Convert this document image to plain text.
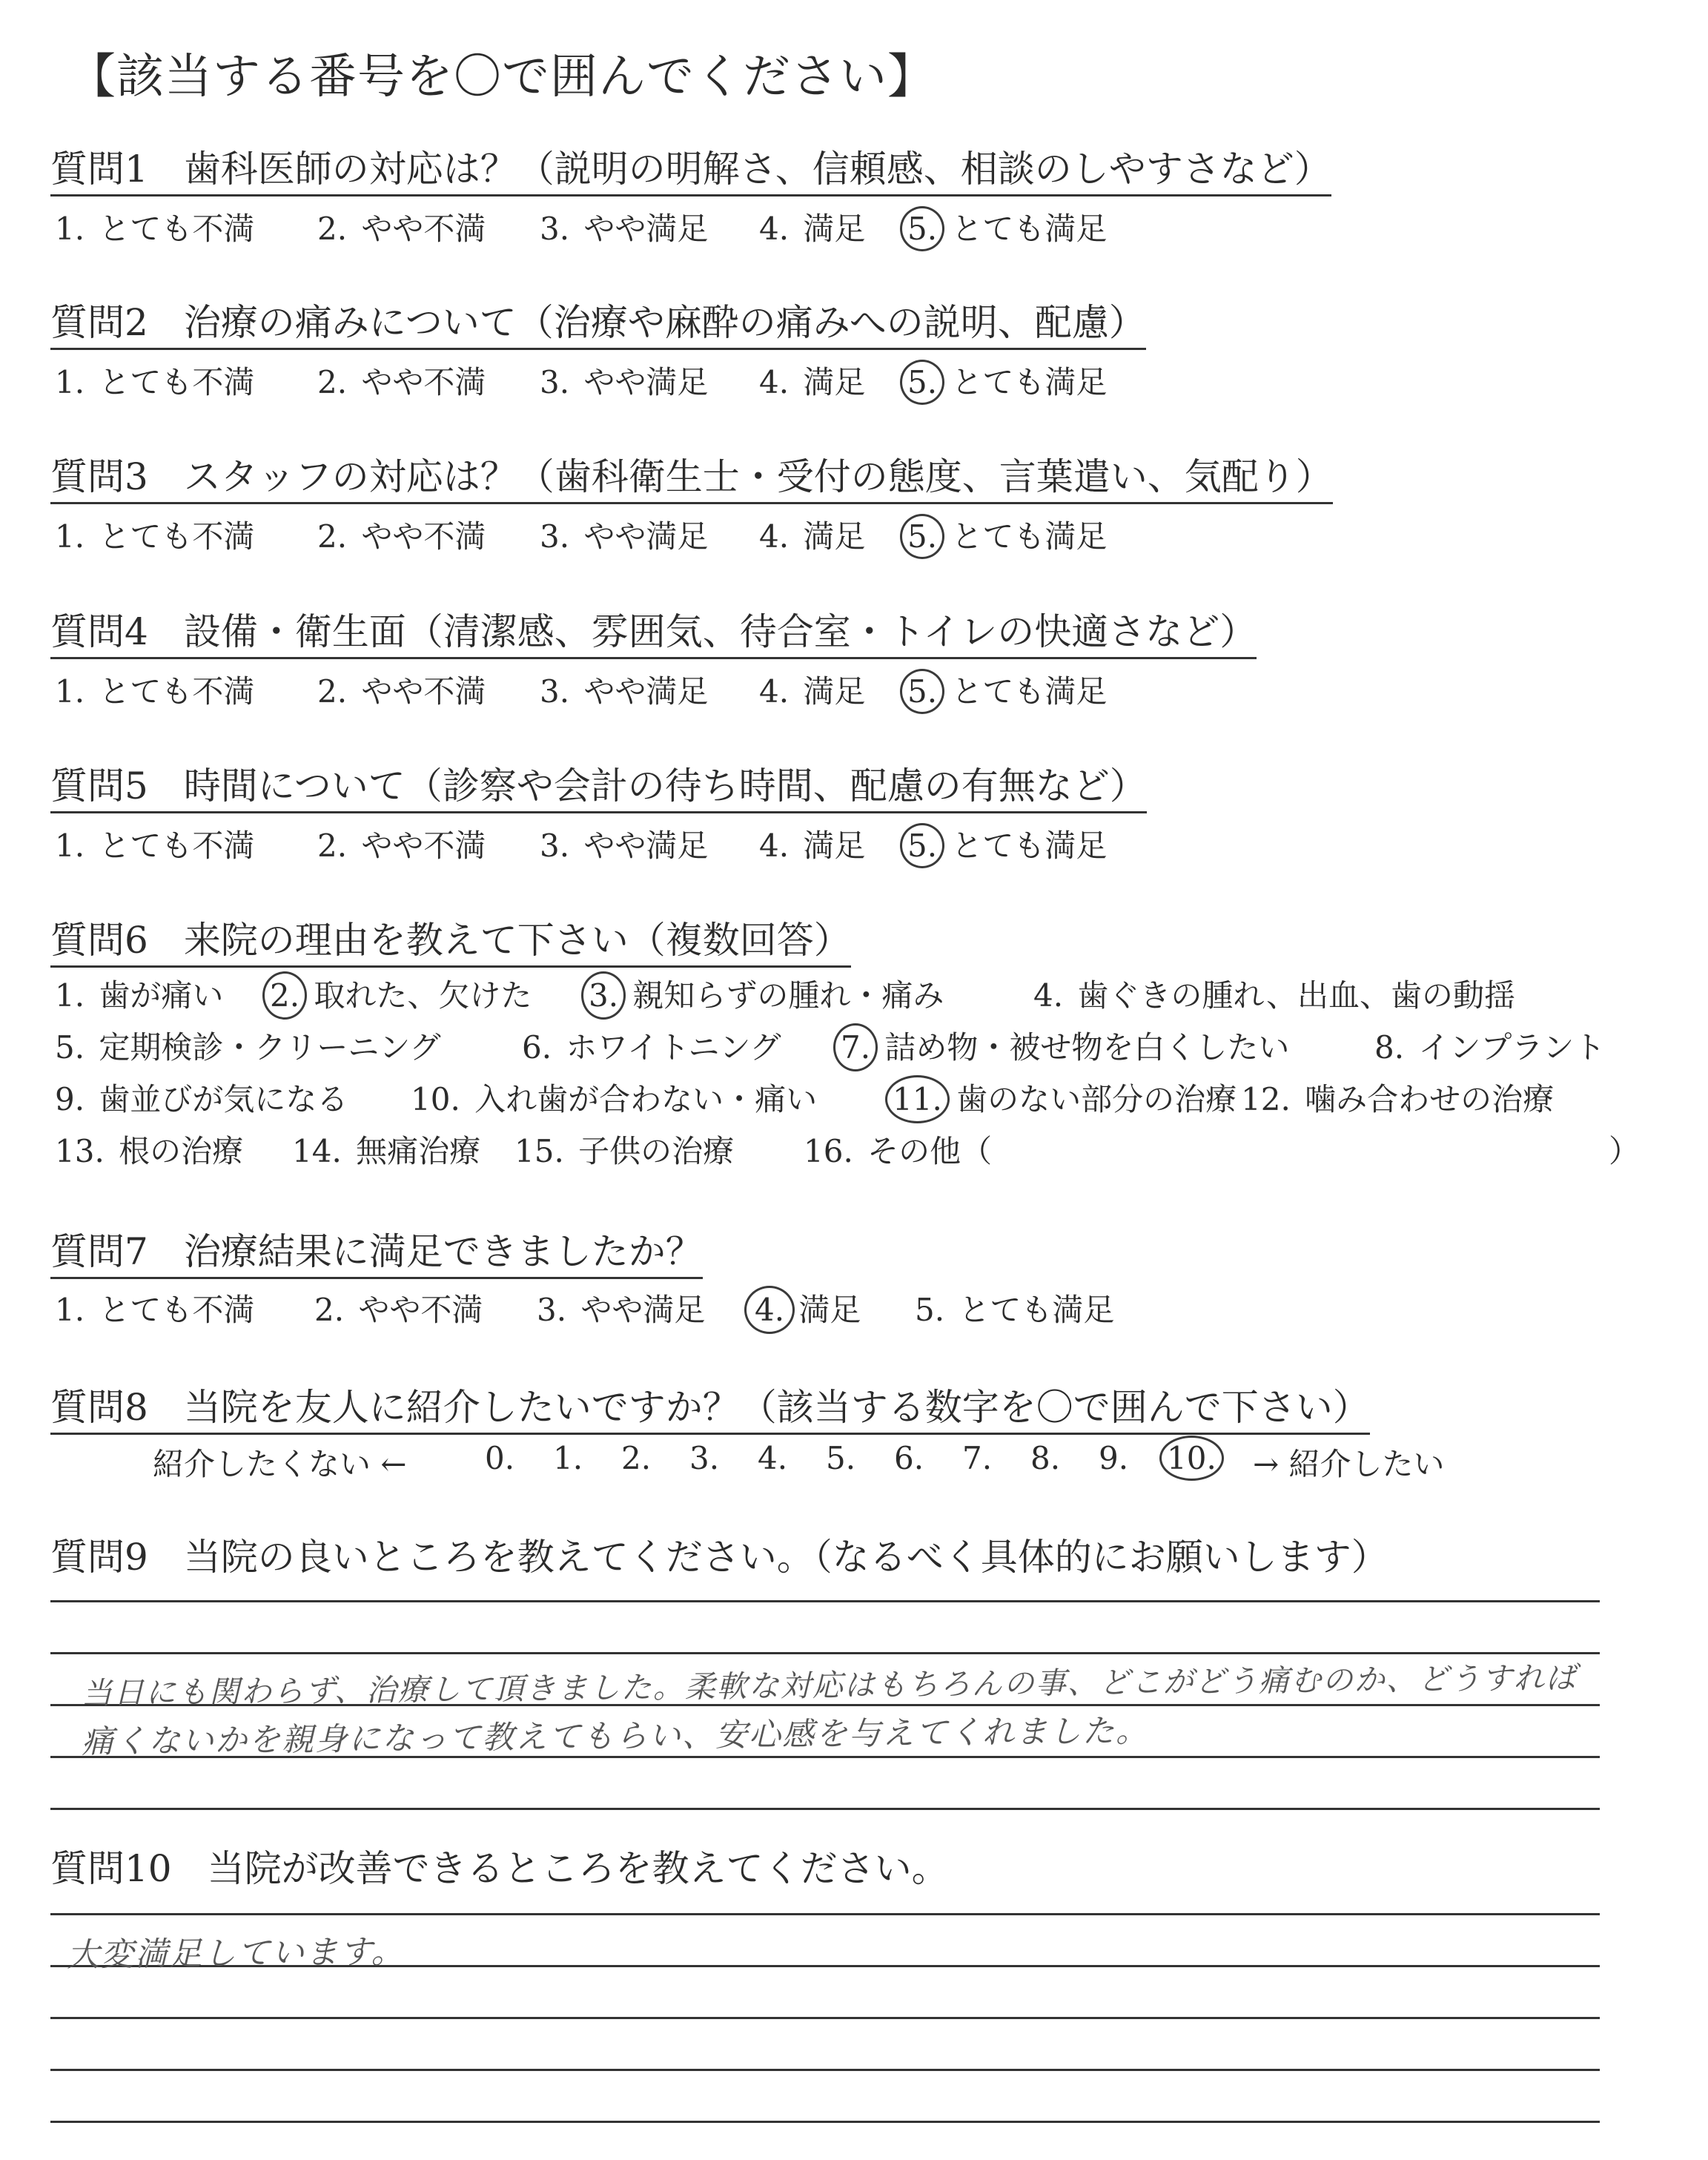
【該当する番号を〇で囲んでください】
質問1 歯科医師の対応は？（説明の明解さ、信頼感、相談のしやすさなど）
1. とても不満 2. やや不満 3. やや満足 4. 満足 5.
とても満足
質問2 治療の痛みについて（治療や麻酔の痛みへの説明、配慮）
1. とても不満 2. やや不満 3. やや満足 4. 満足 5.
とても満足
質問3 スタッフの対応は？（歯科衛生士・受付の態度、言葉遣い、気配り）
1. とても不満 2. やや不満 3. やや満足 4. 満足 5.
とても満足
質問4 設備・衛生面（清潔感、雰囲気、待合室・トイレの快適さなど）
1. とても不満 2. やや不満 3. やや満足 4. 満足 5.
とても満足
質問5 時間について（診察や会計の待ち時間、配慮の有無など）
1. とても不満 2. やや不満 3. やや満足 4. 満足 5.
とても満足
質問6 来院の理由を教えて下さい（複数回答）
1. 歯が痛い 2.
取れた、欠けた 3.
親知らずの腫れ・痛み	4. 歯ぐきの腫れ、出血、歯の動揺
5. 定期検診・クリーニング	6. ホワイトニング 7.
詰め物・被せ物を白くしたい	8. インプラント
9. 歯並びが気になる 10. 入れ歯が合わない・痛い 11.
歯のない部分の治療 12. 噛み合わせの治療
13. 根の治療 14. 無痛治療 15. 子供の治療 16. その他（	）
質問7 治療結果に満足できましたか？
1. とても不満 2. やや不満 3. やや満足 4.
満足 5. とても満足
質問8 当院を友人に紹介したいですか？（該当する数字を〇で囲んで下さい）
紹介したくない ←	0. 1. 2. 3. 4. 5. 6. 7. 8. 9. 10. → 紹介したい
質問9 当院の良いところを教えてください。（なるべく具体的にお願いします）
当日にも関わらず、治療して頂きました。柔軟な対応はもちろんの事、どこがどう痛むのか、どうすれば
痛くないかを親身になって教えてもらい、安心感を与えてくれました。
質問10 当院が改善できるところを教えてください。
大変満足しています。
